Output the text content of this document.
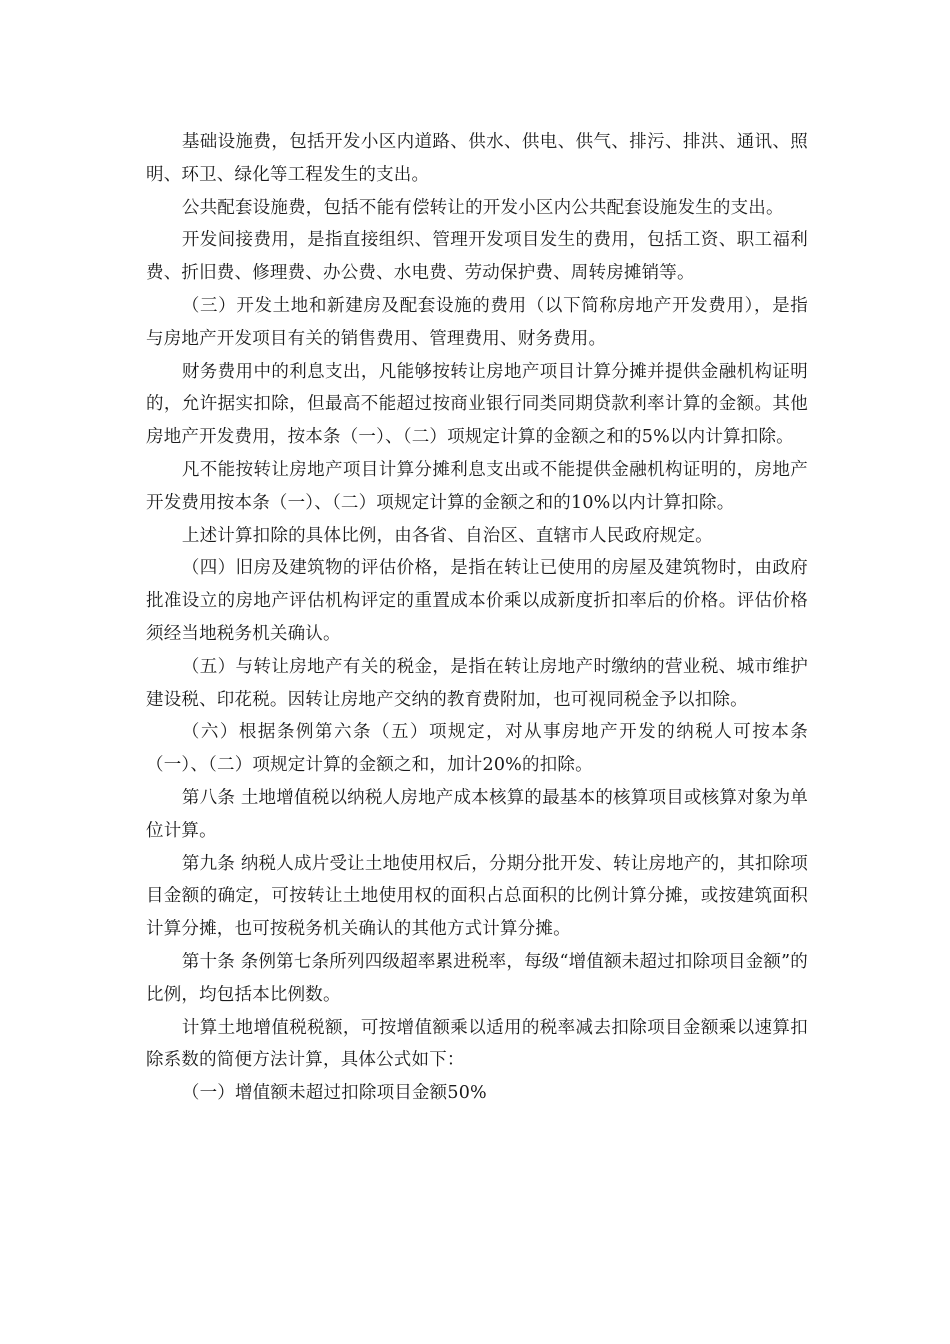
基础设施费，包括开发小区内道路、供水、供电、供气、排污、排洪、通讯、照明、环卫、绿化等工程发生的支出。

公共配套设施费，包括不能有偿转让的开发小区内公共配套设施发生的支出。

开发间接费用，是指直接组织、管理开发项目发生的费用，包括工资、职工福利费、折旧费、修理费、办公费、水电费、劳动保护费、周转房摊销等。

（三）开发土地和新建房及配套设施的费用（以下简称房地产开发费用），是指与房地产开发项目有关的销售费用、管理费用、财务费用。

财务费用中的利息支出，凡能够按转让房地产项目计算分摊并提供金融机构证明的，允许据实扣除，但最高不能超过按商业银行同类同期贷款利率计算的金额。其他房地产开发费用，按本条（一）、（二）项规定计算的金额之和的5%以内计算扣除。

凡不能按转让房地产项目计算分摊利息支出或不能提供金融机构证明的，房地产开发费用按本条（一）、（二）项规定计算的金额之和的10%以内计算扣除。

上述计算扣除的具体比例，由各省、自治区、直辖市人民政府规定。

（四）旧房及建筑物的评估价格，是指在转让已使用的房屋及建筑物时，由政府批准设立的房地产评估机构评定的重置成本价乘以成新度折扣率后的价格。评估价格须经当地税务机关确认。

（五）与转让房地产有关的税金，是指在转让房地产时缴纳的营业税、城市维护建设税、印花税。因转让房地产交纳的教育费附加，也可视同税金予以扣除。

（六）根据条例第六条（五）项规定，对从事房地产开发的纳税人可按本条（一）、（二）项规定计算的金额之和，加计20%的扣除。

第八条 土地增值税以纳税人房地产成本核算的最基本的核算项目或核算对象为单位计算。

第九条 纳税人成片受让土地使用权后，分期分批开发、转让房地产的，其扣除项目金额的确定，可按转让土地使用权的面积占总面积的比例计算分摊，或按建筑面积计算分摊，也可按税务机关确认的其他方式计算分摊。

第十条 条例第七条所列四级超率累进税率，每级“增值额未超过扣除项目金额”的比例，均包括本比例数。

计算土地增值税税额，可按增值额乘以适用的税率减去扣除项目金额乘以速算扣除系数的简便方法计算，具体公式如下：

（一）增值额未超过扣除项目金额50%
